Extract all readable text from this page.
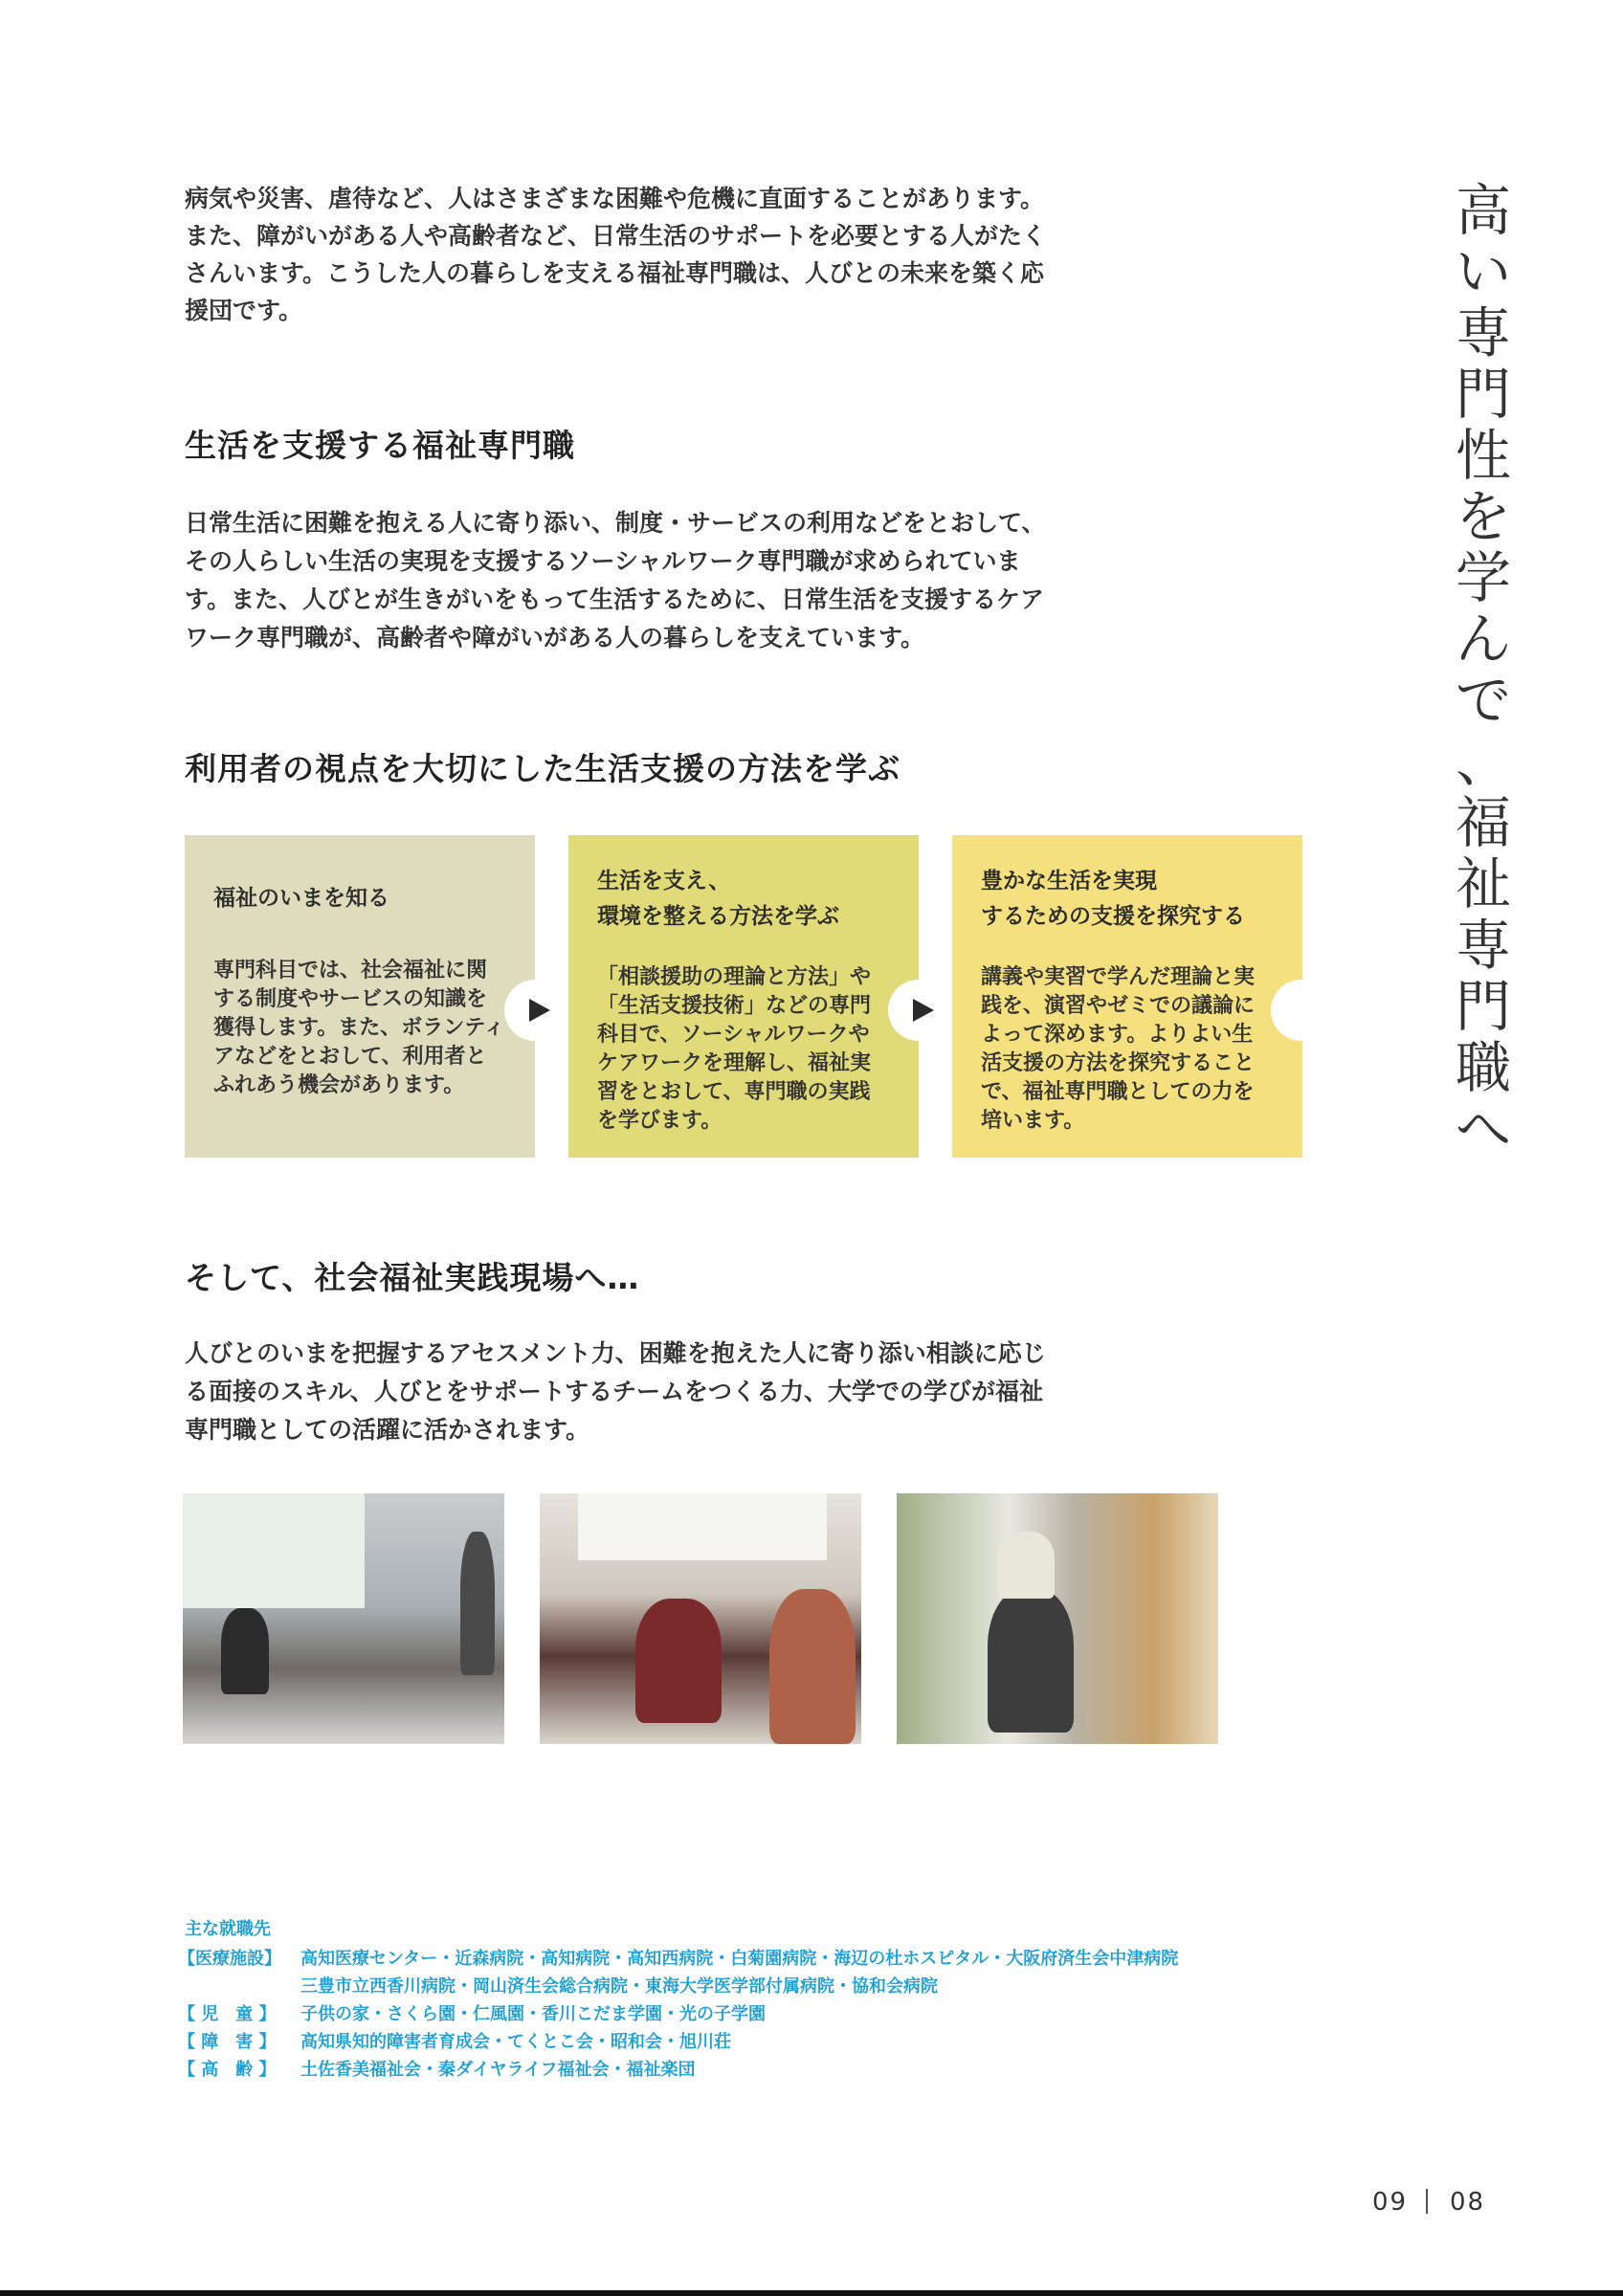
病気や災害、虐待など、人はさまざまな困難や危機に直面することがあります。また、障がいがある人や高齢者など、日常生活のサポートを必要とする人がたくさんいます。こうした人の暮らしを支える福祉専門職は、人びとの未来を築く応援団です。

高
い
専
門
性
を
学
ん
で
、
福
祉
専
門
職
へ
生活を支援する福祉専門職

日常生活に困難を抱える人に寄り添い、制度・サービスの利用などをとおして、その人らしい生活の実現を支援するソーシャルワーク専門職が求められています。また、人びとが生きがいをもって生活するために、日常生活を支援するケアワーク専門職が、高齢者や障がいがある人の暮らしを支えています。

利用者の視点を大切にした生活支援の方法を学ぶ
福祉のいまを知る
専門科目では、社会福祉に関する制度やサービスの知識を獲得します。また、ボランティアなどをとおして、利用者とふれあう機会があります。
生活を支え、
環境を整える方法を学ぶ
「相談援助の理論と方法」や「生活支援技術」などの専門科目で、ソーシャルワークやケアワークを理解し、福祉実習をとおして、専門職の実践を学びます。
豊かな生活を実現
するための支援を探究する
講義や実習で学んだ理論と実践を、演習やゼミでの議論によって深めます。よりよい生活支援の方法を探究することで、福祉専門職としての力を培います。
そして、社会福祉実践現場へ…

人びとのいまを把握するアセスメント力、困難を抱えた人に寄り添い相談に応じる面接のスキル、人びとをサポートするチームをつくる力、大学での学びが福祉専門職としての活躍に活かされます。

主な就職先
【医療施設】 高知医療センター・近森病院・高知病院・高知西病院・白菊園病院・海辺の杜ホスピタル・大阪府済生会中津病院
三豊市立西香川病院・岡山済生会総合病院・東海大学医学部付属病院・協和会病院
【 児　童 】 子供の家・さくら園・仁風園・香川こだま学園・光の子学園
【 障　害 】 高知県知的障害者育成会・てくとこ会・昭和会・旭川荘
【 高　齢 】 土佐香美福祉会・秦ダイヤライフ福祉会・福祉楽団
09 08
